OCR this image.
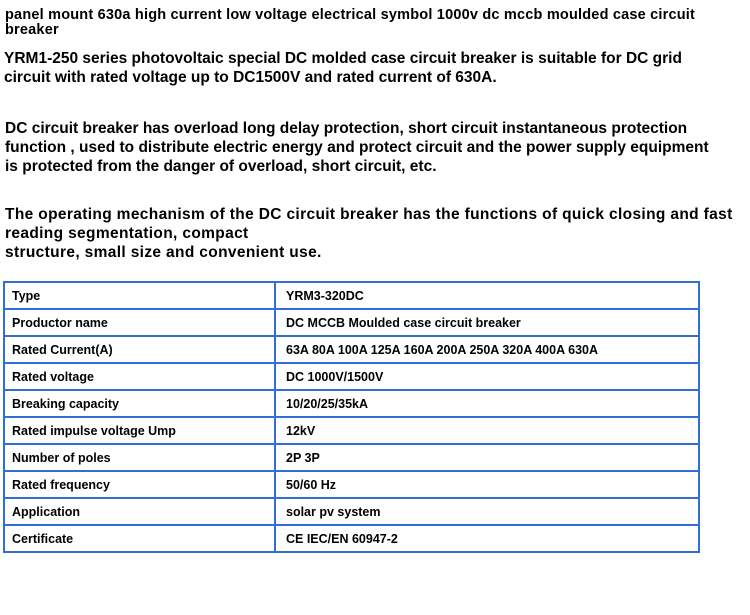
panel mount 630a high current low voltage electrical symbol 1000v dc mccb moulded case circuit breaker

YRM1-250 series photovoltaic special DC molded case circuit breaker is suitable for DC grid
circuit with rated voltage up to DC1500V and rated current of 630A.

DC circuit breaker has overload long delay protection, short circuit instantaneous protection
function , used to distribute electric energy and protect circuit and the power supply equipment
is protected from the danger of overload, short circuit, etc.

The operating mechanism of the DC circuit breaker has the functions of quick closing and fast
reading segmentation, compact
structure, small size and convenient use.

Type	YRM3-320DC
Productor name	DC MCCB Moulded case circuit breaker
Rated Current(A)	63A 80A 100A 125A 160A 200A 250A 320A 400A 630A
Rated voltage	DC 1000V/1500V
Breaking capacity	10/20/25/35kA
Rated impulse voltage Ump	12kV
Number of poles	2P 3P
Rated frequency	50/60 Hz
Application	solar pv system
Certificate	CE IEC/EN 60947-2
